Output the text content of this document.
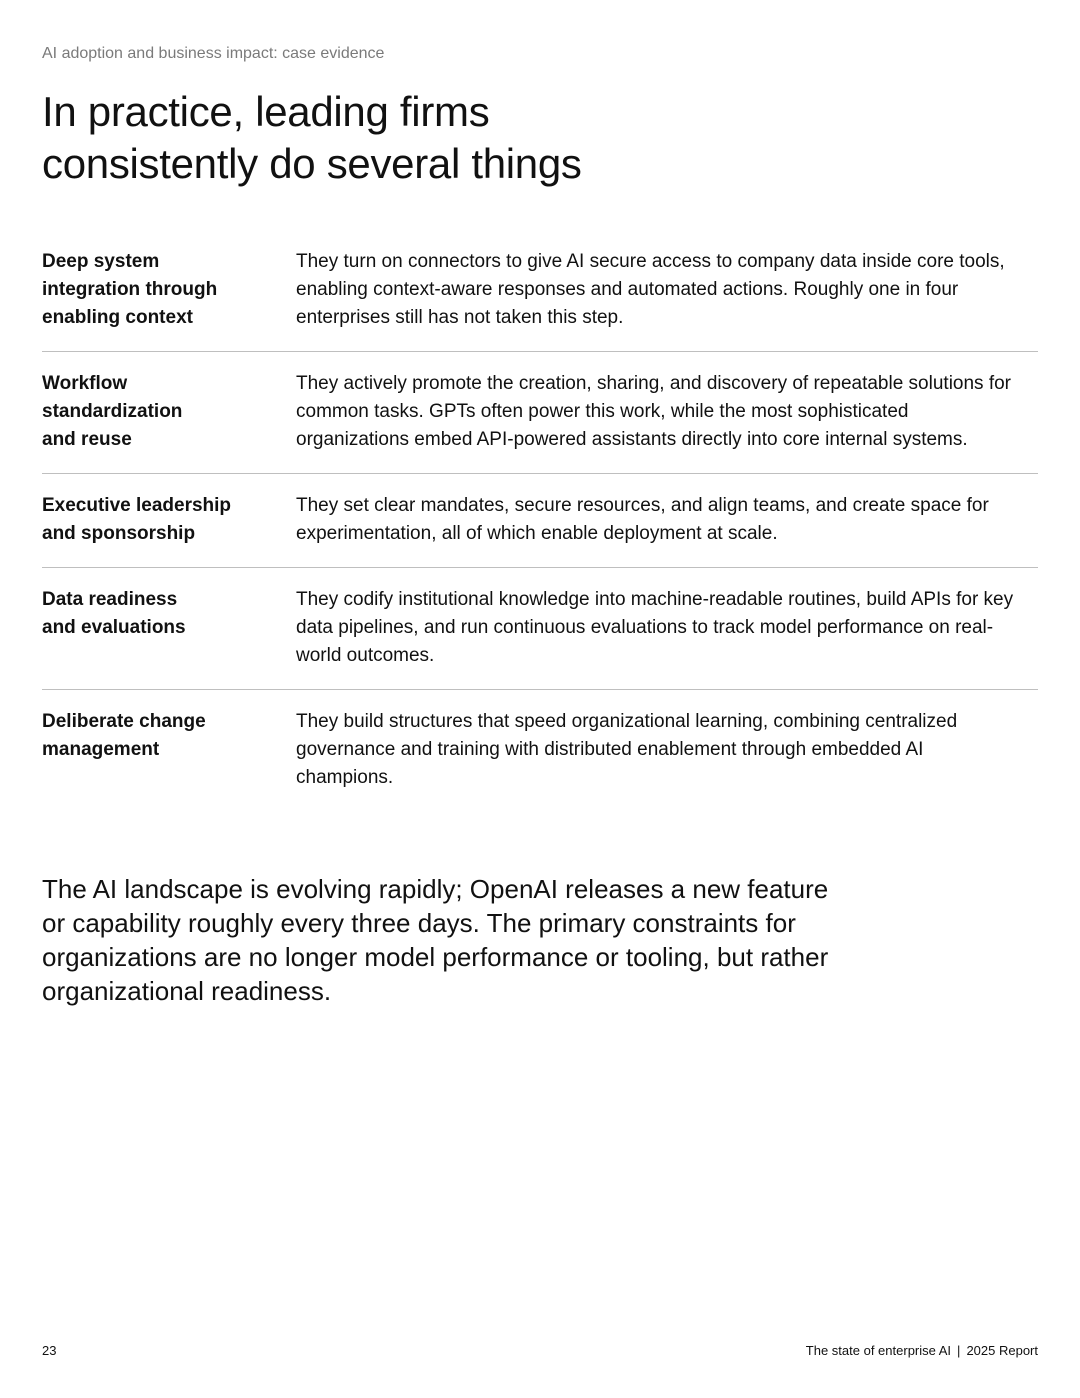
AI adoption and business impact: case evidence
In practice, leading firms
consistently do several things
Deep system
integration through
enabling context
They turn on connectors to give AI secure access to company data inside core tools, enabling context-aware responses and automated actions. Roughly one in four enterprises still has not taken this step.
Workflow
standardization
and reuse
They actively promote the creation, sharing, and discovery of repeatable solutions for common tasks. GPTs often power this work, while the most sophisticated organizations embed API-powered assistants directly into core internal systems.
Executive leadership
and sponsorship
They set clear mandates, secure resources, and align teams, and create space for experimentation, all of which enable deployment at scale.
Data readiness
and evaluations
They codify institutional knowledge into machine-readable routines, build APIs for key data pipelines, and run continuous evaluations to track model performance on real-world outcomes.
Deliberate change
management
They build structures that speed organizational learning, combining centralized governance and training with distributed enablement through embedded AI champions.

The AI landscape is evolving rapidly; OpenAI releases a new feature or capability roughly every three days. The primary constraints for organizations are no longer model performance or tooling, but rather organizational readiness.

23	The state of enterprise AI | 2025 Report
